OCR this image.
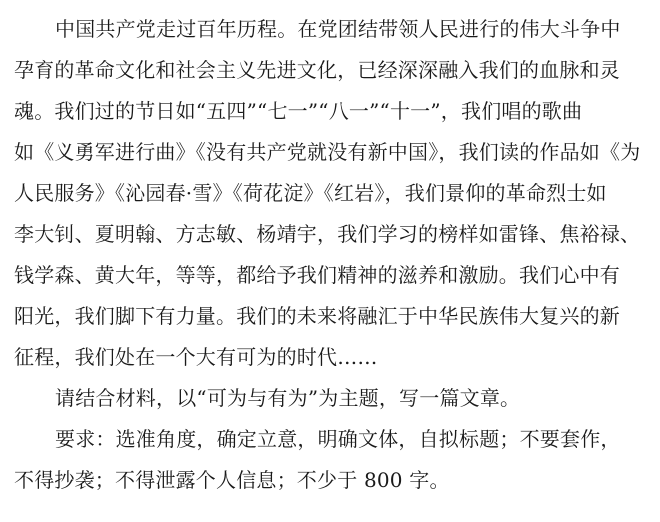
中国共产党走过百年历程。在党团结带领人民进行的伟大斗争中
孕育的革命文化和社会主义先进文化，已经深深融入我们的血脉和灵
魂。我们过的节日如“五四”“七一”“八一”“十一”，我们唱的歌曲
如《义勇军进行曲》《没有共产党就没有新中国》，我们读的作品如《为
人民服务》《沁园春·雪》《荷花淀》《红岩》，我们景仰的革命烈士如
李大钊、夏明翰、方志敏、杨靖宇，我们学习的榜样如雷锋、焦裕禄、
钱学森、黄大年，等等，都给予我们精神的滋养和激励。我们心中有
阳光，我们脚下有力量。我们的未来将融汇于中华民族伟大复兴的新
征程，我们处在一个大有可为的时代……
请结合材料，以“可为与有为”为主题，写一篇文章。
要求：选准角度，确定立意，明确文体，自拟标题；不要套作，
不得抄袭；不得泄露个人信息；不少于 800 字。
